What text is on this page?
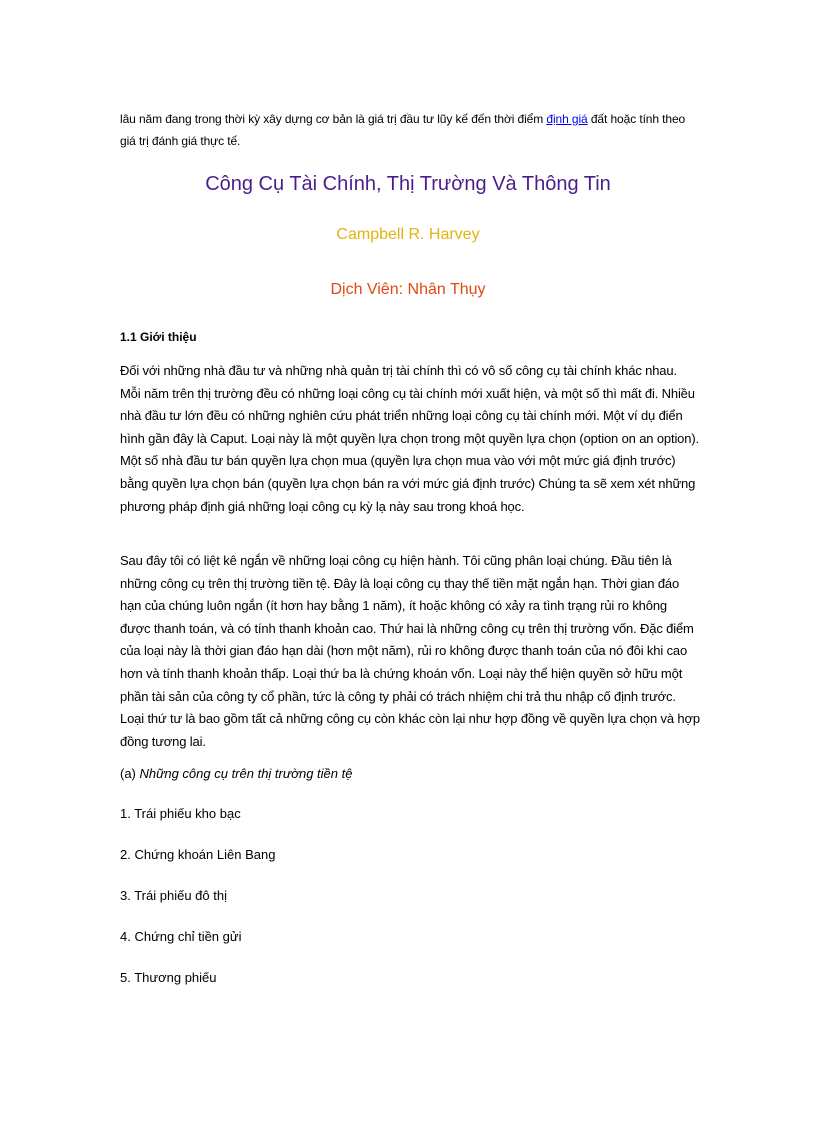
lâu năm đang trong thời kỳ xây dựng cơ bản là giá trị đầu tư lũy kế đến thời điểm định giá đất hoặc tính theo giá trị đánh giá thực tế.
Công Cụ Tài Chính, Thị Trường Và Thông Tin
Campbell R. Harvey
Dịch Viên: Nhân Thụy
1.1 Giới thiệu
Đối với những nhà đầu tư và những nhà quản trị tài chính thì có vô số công cụ tài chính khác nhau. Mỗi năm trên thị trường đều có những loại công cụ tài chính mới xuất hiện, và một số thì mất đi. Nhiều nhà đầu tư lớn đều có những nghiên cứu phát triển những loại công cụ tài chính mới. Một ví dụ điển hình gần đây là Caput. Loại này là một quyền lựa chọn trong một quyền lựa chọn (option on an option). Một số nhà đầu tư bán quyền lựa chọn mua (quyền lựa chọn mua vào với một mức giá định trước) bằng quyền lựa chọn bán (quyền lựa chọn bán ra với mức giá định trước) Chúng ta sẽ xem xét những phương pháp định giá những loại công cụ kỳ lạ này sau trong khoá học.
Sau đây tôi có liệt kê ngắn về những loại công cụ hiện hành. Tôi cũng phân loại chúng. Đầu tiên là những công cụ trên thị trường tiền tệ. Đây là loại công cụ thay thế tiền mặt ngắn hạn. Thời gian đáo hạn của chúng luôn ngắn (ít hơn hay bằng 1 năm), ít hoặc không có xảy ra tình trạng rủi ro không được thanh toán, và có tính thanh khoản cao. Thứ hai là những công cụ trên thị trường vốn. Đặc điểm của loại này là thời gian đáo hạn dài (hơn một năm), rủi ro không được thanh toán của nó đôi khi cao hơn và tính thanh khoản thấp. Loại thứ ba là chứng khoán vốn. Loại này thể hiện quyền sở hữu một phần tài sản của công ty cổ phần, tức là công ty phải có trách nhiệm chi trả thu nhập cố định trước. Loại thứ tư là bao gồm tất cả những công cụ còn khác còn lại như hợp đồng về quyền lựa chọn và hợp đồng tương lai.
(a) Những công cụ trên thị trường tiền tệ
1. Trái phiếu kho bạc
2. Chứng khoán Liên Bang
3. Trái phiếu đô thị
4. Chứng chỉ tiền gửi
5. Thương phiếu
